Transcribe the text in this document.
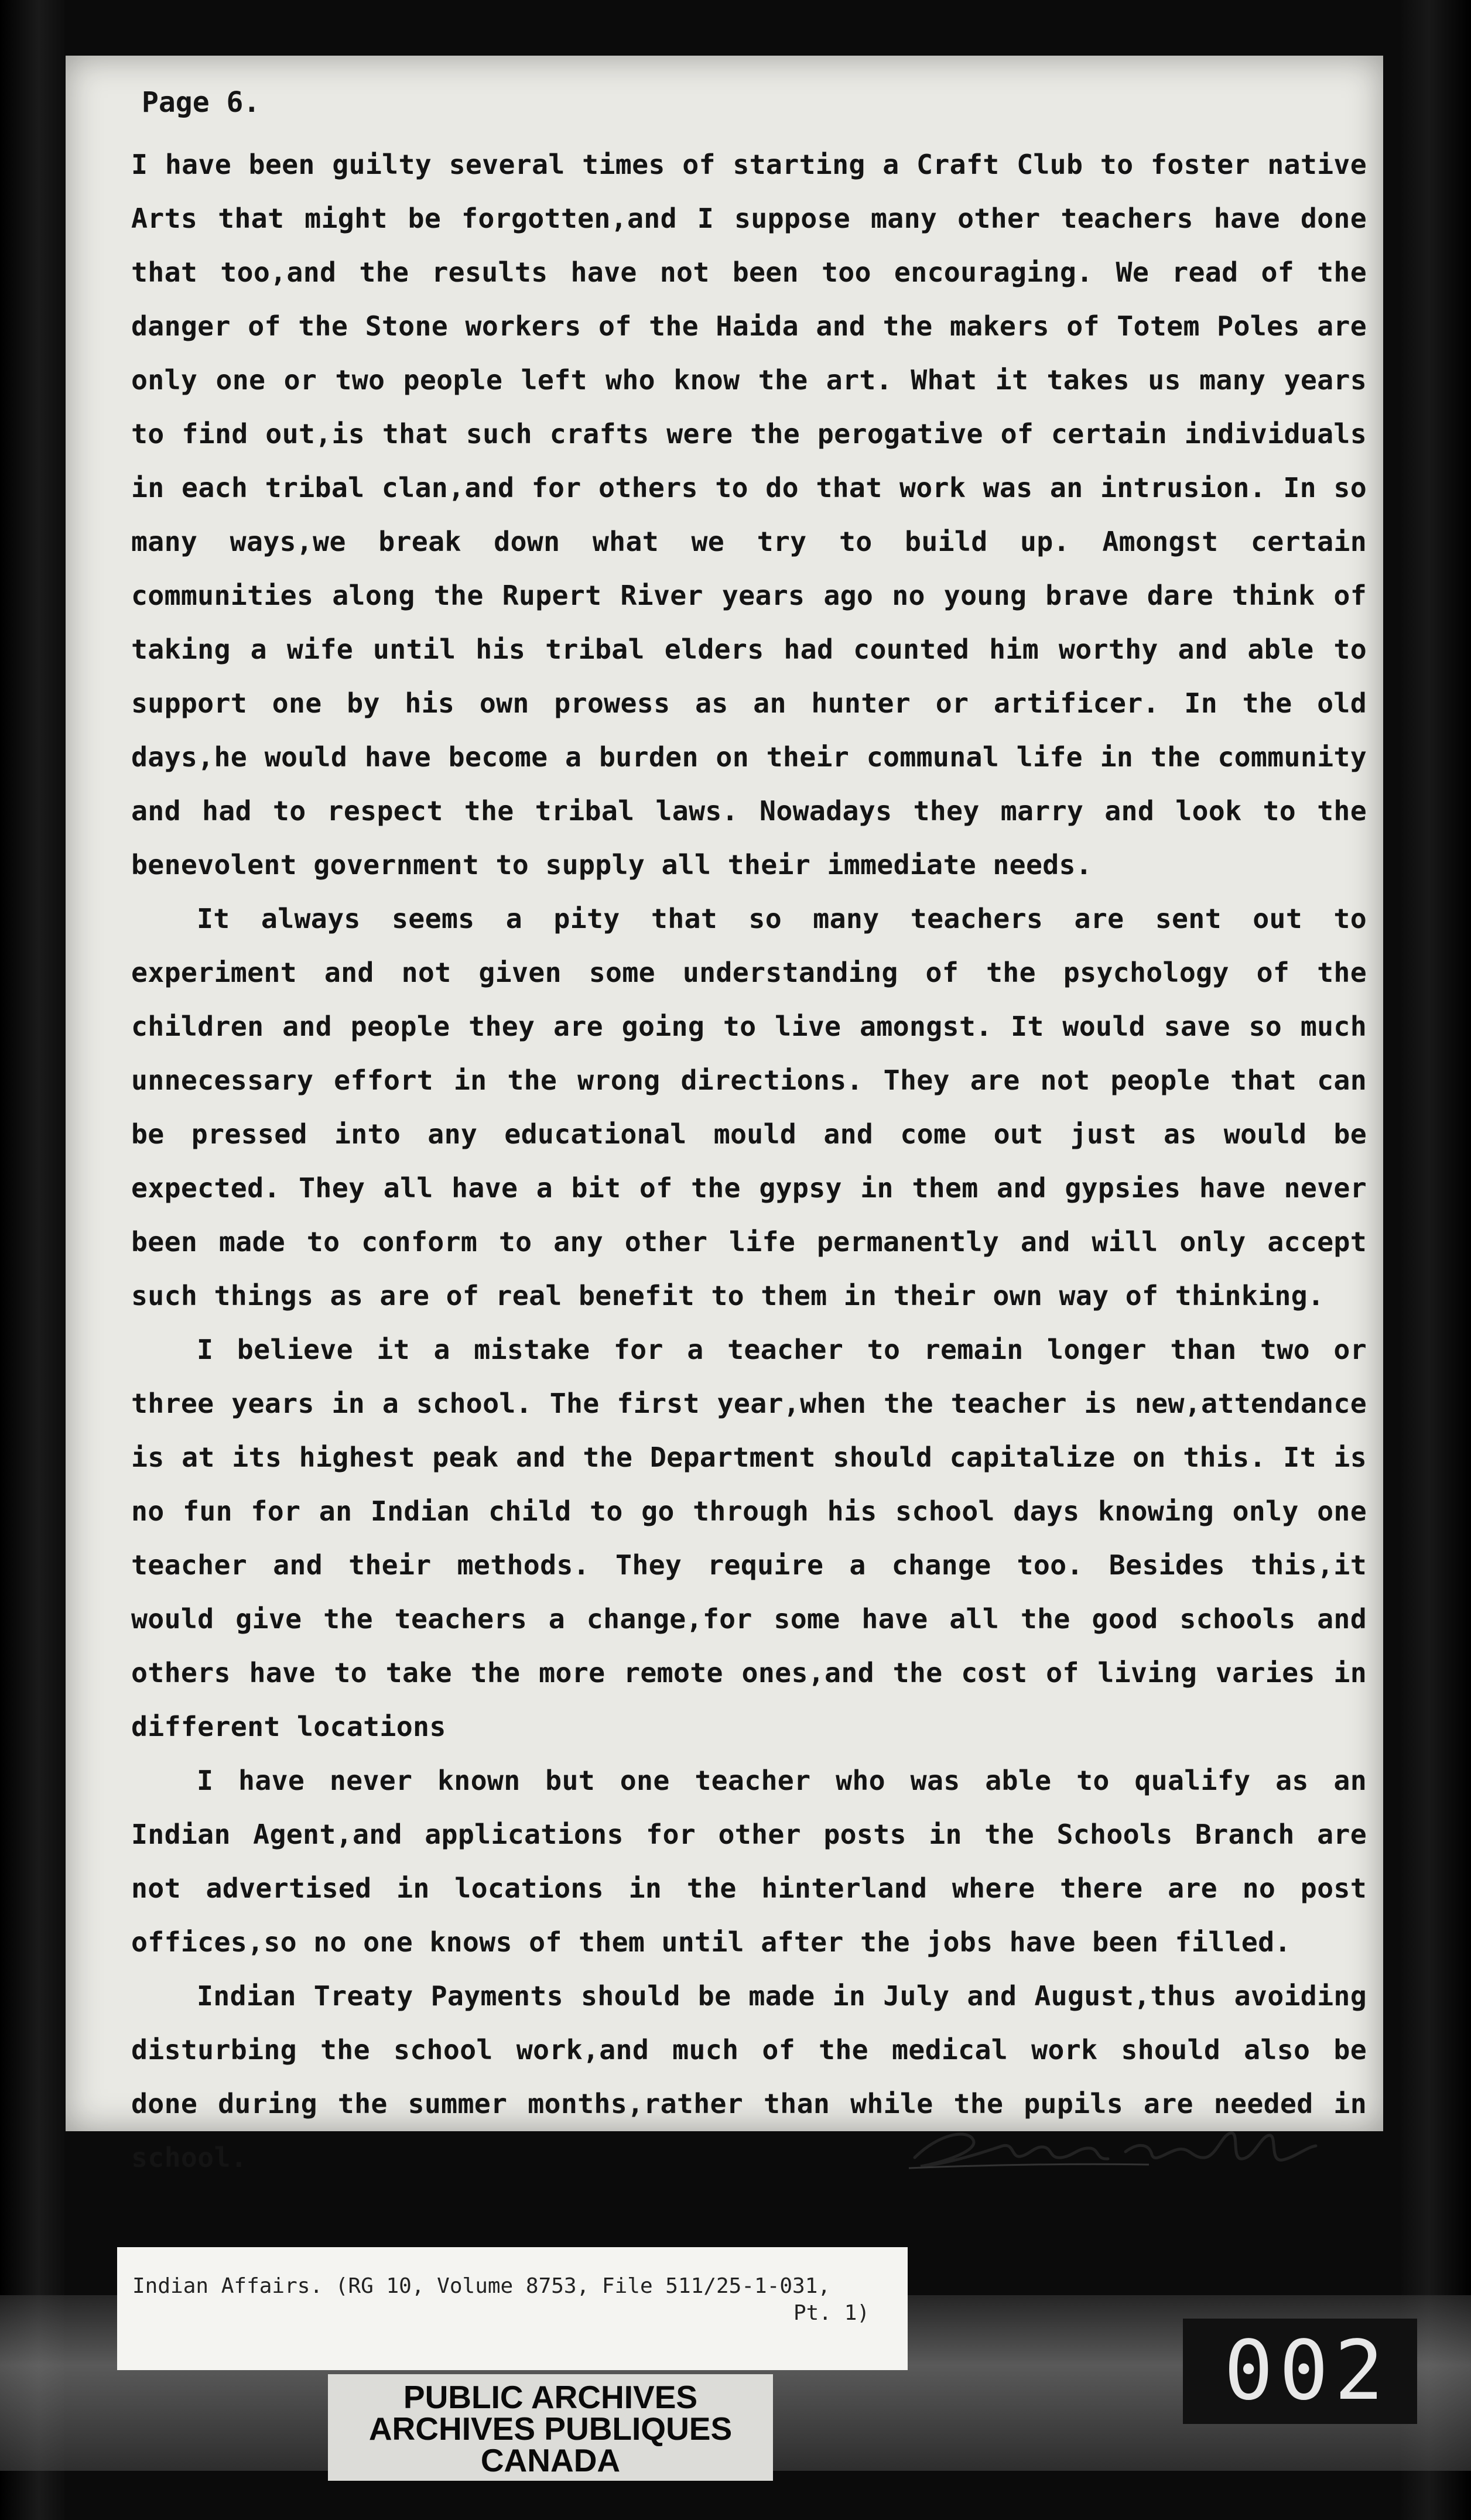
Page 6.

I have been guilty several times of starting a Craft Club to foster native Arts that might be forgotten,and I suppose many other teachers have done that too,and the results have not been too encouraging. We read of the danger of the Stone workers of the Haida and the makers of Totem Poles are only one or two people left who know the art. What it takes us many years to find out,is that such crafts were the perogative of certain individuals in each tribal clan,and for others to do that work was an intrusion. In so many ways,we break down what we try to build up. Amongst certain communities along the Rupert River years ago no young brave dare think of taking a wife until his tribal elders had counted him worthy and able to support one by his own prowess as an hunter or artificer. In the old days,he would have become a burden on their communal life in the community and had to respect the tribal laws. Nowadays they marry and look to the benevolent government to supply all their immediate needs.

It always seems a pity that so many teachers are sent out to experiment and not given some understanding of the psychology of the children and people they are going to live amongst. It would save so much unnecessary effort in the wrong directions. They are not people that can be pressed into any educational mould and come out just as would be expected. They all have a bit of the gypsy in them and gypsies have never been made to conform to any other life permanently and will only accept such things as are of real benefit to them in their own way of thinking.

I believe it a mistake for a teacher to remain longer than two or three years in a school. The first year,when the teacher is new,attendance is at its highest peak and the Department should capitalize on this. It is no fun for an Indian child to go through his school days knowing only one teacher and their methods. They require a change too. Besides this,it would give the teachers a change,for some have all the good schools and others have to take the more remote ones,and the cost of living varies in different locations

I have never known but one teacher who was able to qualify as an Indian Agent,and applications for other posts in the Schools Branch are not advertised in locations in the hinterland where there are no post offices,so no one knows of them until after the jobs have been filled.

Indian Treaty Payments should be made in July and August,thus avoiding disturbing the school work,and much of the medical work should also be done during the summer months,rather than while the pupils are needed in school.

Indian Affairs. (RG 10, Volume 8753, File 511/25-1-031,

Pt. 1)

PUBLIC ARCHIVES
ARCHIVES PUBLIQUES
CANADA
002
